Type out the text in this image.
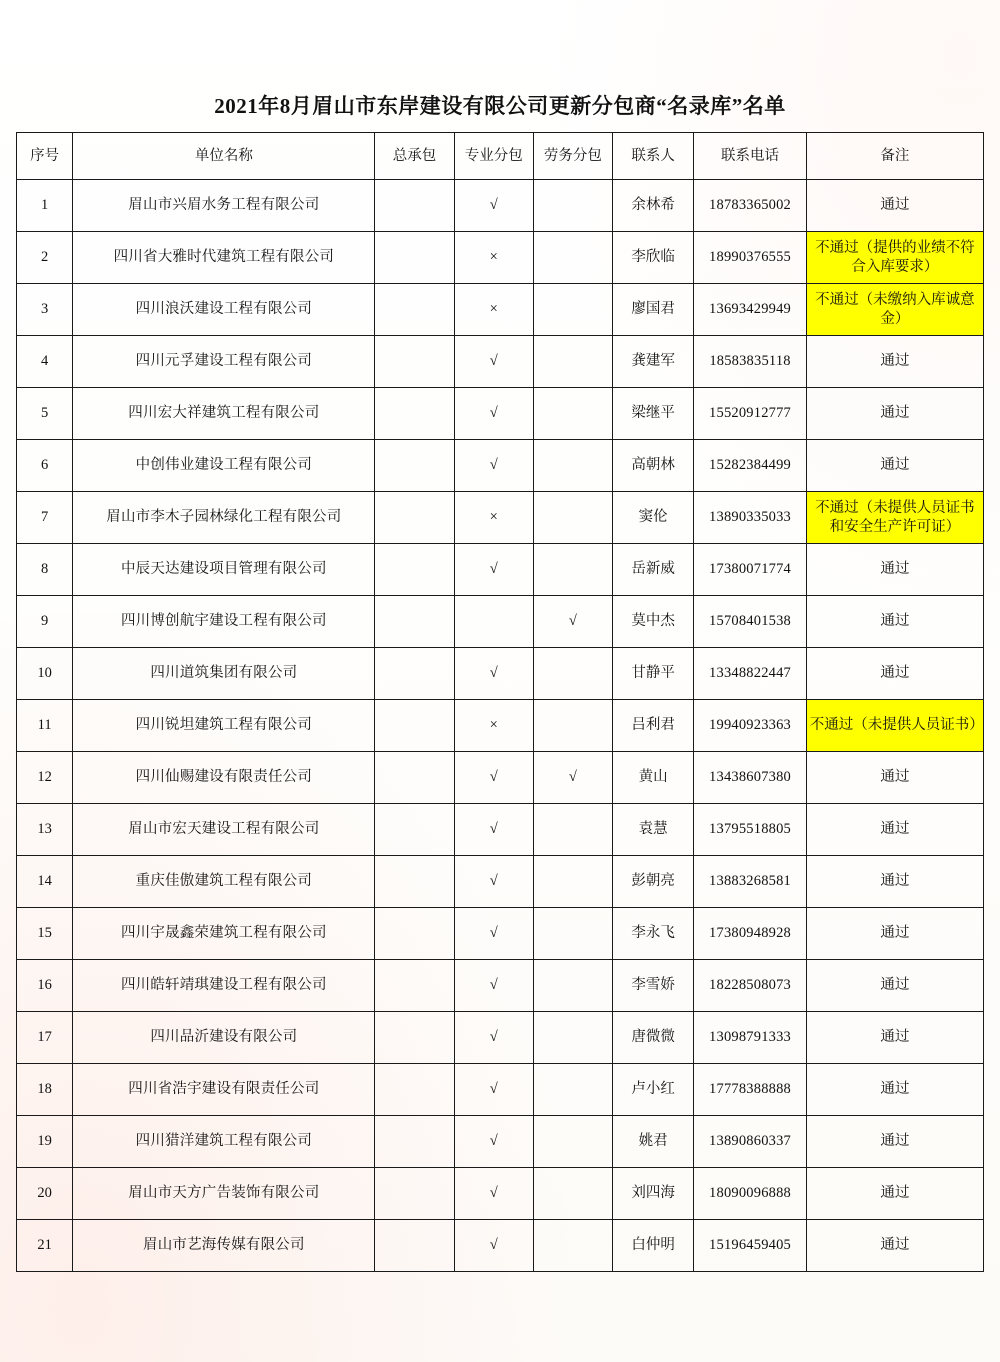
2021年8月眉山市东岸建设有限公司更新分包商“名录库”名单
序号	单位名称	总承包	专业分包	劳务分包	联系人	联系电话	备注
1	眉山市兴眉水务工程有限公司		√		余林希	18783365002	通过
2	四川省大雅时代建筑工程有限公司		×		李欣临	18990376555	不通过（提供的业绩不符合入库要求）
3	四川浪沃建设工程有限公司		×		廖国君	13693429949	不通过（未缴纳入库诚意金）
4	四川元孚建设工程有限公司		√		龚建军	18583835118	通过
5	四川宏大祥建筑工程有限公司		√		梁继平	15520912777	通过
6	中创伟业建设工程有限公司		√		高朝林	15282384499	通过
7	眉山市李木子园林绿化工程有限公司		×		窦伦	13890335033	不通过（未提供人员证书和安全生产许可证）
8	中辰天达建设项目管理有限公司		√		岳新威	17380071774	通过
9	四川博创航宇建设工程有限公司			√	莫中杰	15708401538	通过
10	四川道筑集团有限公司		√		甘静平	13348822447	通过
11	四川锐坦建筑工程有限公司		×		吕利君	19940923363	不通过（未提供人员证书）
12	四川仙赐建设有限责任公司		√	√	黄山	13438607380	通过
13	眉山市宏天建设工程有限公司		√		袁慧	13795518805	通过
14	重庆佳傲建筑工程有限公司		√		彭朝亮	13883268581	通过
15	四川宇晟鑫荣建筑工程有限公司		√		李永飞	17380948928	通过
16	四川皓轩靖琪建设工程有限公司		√		李雪娇	18228508073	通过
17	四川品沂建设有限公司		√		唐微微	13098791333	通过
18	四川省浩宇建设有限责任公司		√		卢小红	17778388888	通过
19	四川猎洋建筑工程有限公司		√		姚君	13890860337	通过
20	眉山市天方广告装饰有限公司		√		刘四海	18090096888	通过
21	眉山市艺海传媒有限公司		√		白仲明	15196459405	通过
